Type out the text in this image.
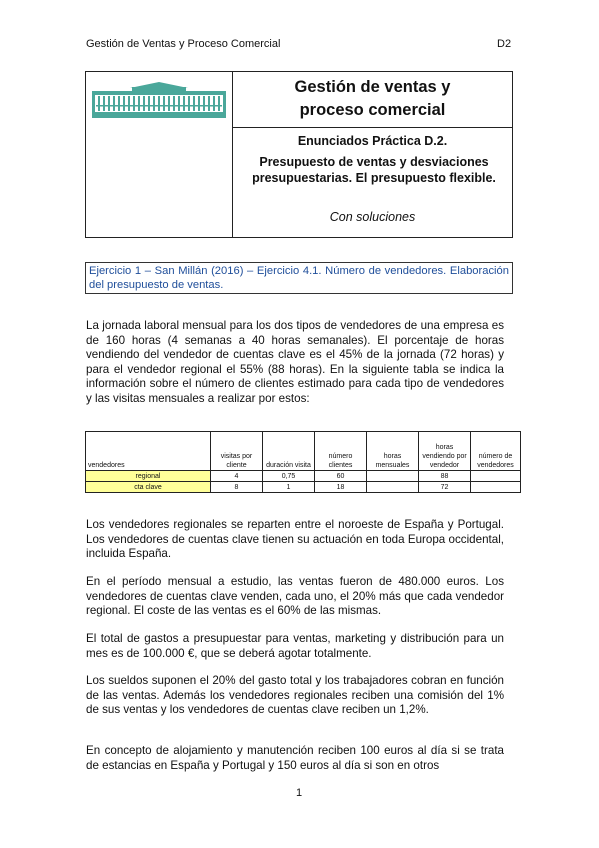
Gestión de Ventas y Proceso Comercial	D2
Gestión de ventas y
proceso comercial
Enunciados Práctica D.2.
Presupuesto de ventas y desviaciones presupuestarias. El presupuesto flexible.
Con soluciones
Ejercicio 1 – San Millán (2016) – Ejercicio 4.1. Número de vendedores. Elaboración del presupuesto de ventas.
La jornada laboral mensual para los dos tipos de vendedores de una empresa es de 160 horas (4 semanas a 40 horas semanales). El porcentaje de horas vendiendo del vendedor de cuentas clave es el 45% de la jornada (72 horas) y para el vendedor regional el 55% (88 horas). En la siguiente tabla se indica la información sobre el número de clientes estimado para cada tipo de vendedores y las visitas mensuales a realizar por estos:
vendedores	visitas por cliente	duración visita	número clientes	horas mensuales	horas vendiendo por vendedor	número de vendedores
regional	4	0,75	60		88	
cta clave	8	1	18		72	
Los vendedores regionales se reparten entre el noroeste de España y Portugal. Los vendedores de cuentas clave tienen su actuación en toda Europa occidental, incluida España.
En el período mensual a estudio, las ventas fueron de 480.000 euros. Los vendedores de cuentas clave venden, cada uno, el 20% más que cada vendedor regional. El coste de las ventas es el 60% de las mismas.
El total de gastos a presupuestar para ventas, marketing y distribución para un mes es de 100.000 €, que se deberá agotar totalmente.
Los sueldos suponen el 20% del gasto total y los trabajadores cobran en función de las ventas. Además los vendedores regionales reciben una comisión del 1% de sus ventas y los vendedores de cuentas clave reciben un 1,2%.
En concepto de alojamiento y manutención reciben 100 euros al día si se trata de estancias en España y Portugal y 150 euros al día si son en otros
1
